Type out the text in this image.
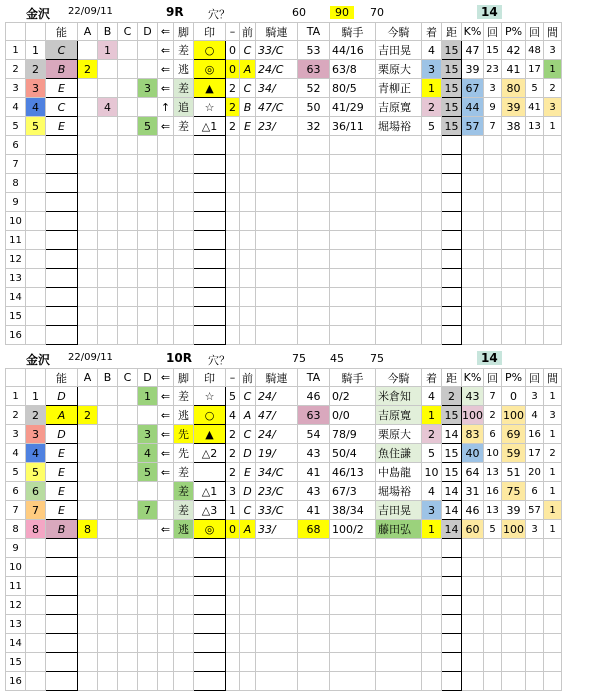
金沢 22/09/11	9R 穴？	60	90	70	14
		能	A	B	C	D	⇐	脚	印	–	前	騎連	TA	騎手	今騎	着	距	K%	回	P%	回	間
1	1	C		1			⇐	差	○	0	C	33/C	53	44/16	吉田晃	4	15	47	15	42	48	3
2	2	B	2				⇐	逃	◎	0	A	24/C	63	63/8	栗原大	3	15	39	23	41	17	1
3	3	E				3	⇐	差	▲	2	C	34/	52	80/5	青柳正	1	15	67	3	80	5	2
4	4	C		4			↑	追	☆	2	B	47/C	50	41/29	吉原寛	2	15	44	9	39	41	3
5	5	E				5	⇐	差	△1	2	E	23/	32	36/11	堀場裕	5	15	57	7	38	13	1
6																						
7																						
8																						
9																						
10																						
11																						
12																						
13																						
14																						
15																						
16																						
金沢 22/09/11	10R 穴？	75 45 75	14
		能	A	B	C	D	⇐	脚	印	–	前	騎連	TA	騎手	今騎	着	距	K%	回	P%	回	間
1	1	D				1	⇐	差	☆	5	C	24/	46	0/2	米倉知	4	2	43	7	0	3	1
2	2	A	2				⇐	逃	○	4	A	47/	63	0/0	吉原寛	1	15	100	2	100	4	3
3	3	D				3	⇐	先	▲	2	C	24/	54	78/9	栗原大	2	14	83	6	69	16	1
4	4	E				4	⇐	先	△2	2	D	19/	43	50/4	魚住謙	5	15	40	10	59	17	2
5	5	E				5	⇐	差		2	E	34/C	41	46/13	中島龍	10	15	64	13	51	20	1
6	6	E						差	△1	3	D	23/C	43	67/3	堀場裕	4	14	31	16	75	6	1
7	7	E				7		差	△3	1	C	33/C	41	38/34	吉田晃	3	14	46	13	39	57	1
8	8	B	8				⇐	逃	◎	0	A	33/	68	100/2	藤田弘	1	14	60	5	100	3	1
9																						
10																						
11																						
12																						
13																						
14																						
15																						
16																						
